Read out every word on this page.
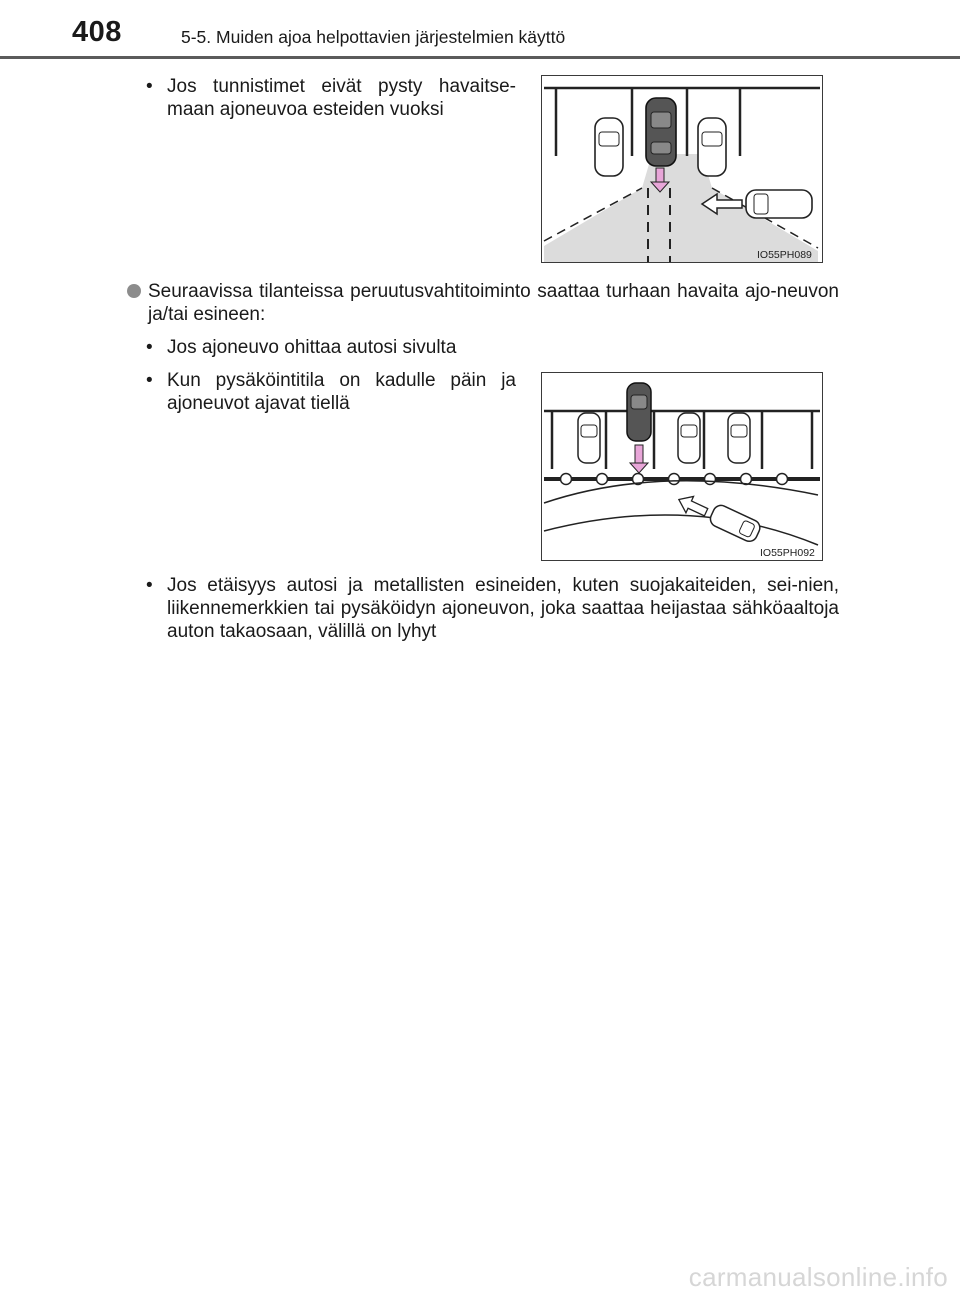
408	5-5. Muiden ajoa helpottavien järjestelmien käyttö
• Jos tunnistimet eivät pysty havaitse-maan ajoneuvoa esteiden vuoksi
IO55PH089
Seuraavissa tilanteissa peruutusvahtitoiminto saattaa turhaan havaita ajo-neuvon ja/tai esineen:
• Jos ajoneuvo ohittaa autosi sivulta
• Kun pysäköintitila on kadulle päin ja ajoneuvot ajavat tiellä
IO55PH092
• Jos etäisyys autosi ja metallisten esineiden, kuten suojakaiteiden, sei-nien, liikennemerkkien tai pysäköidyn ajoneuvon, joka saattaa heijastaa sähköaaltoja auton takaosaan, välillä on lyhyt
carmanualsonline.info
